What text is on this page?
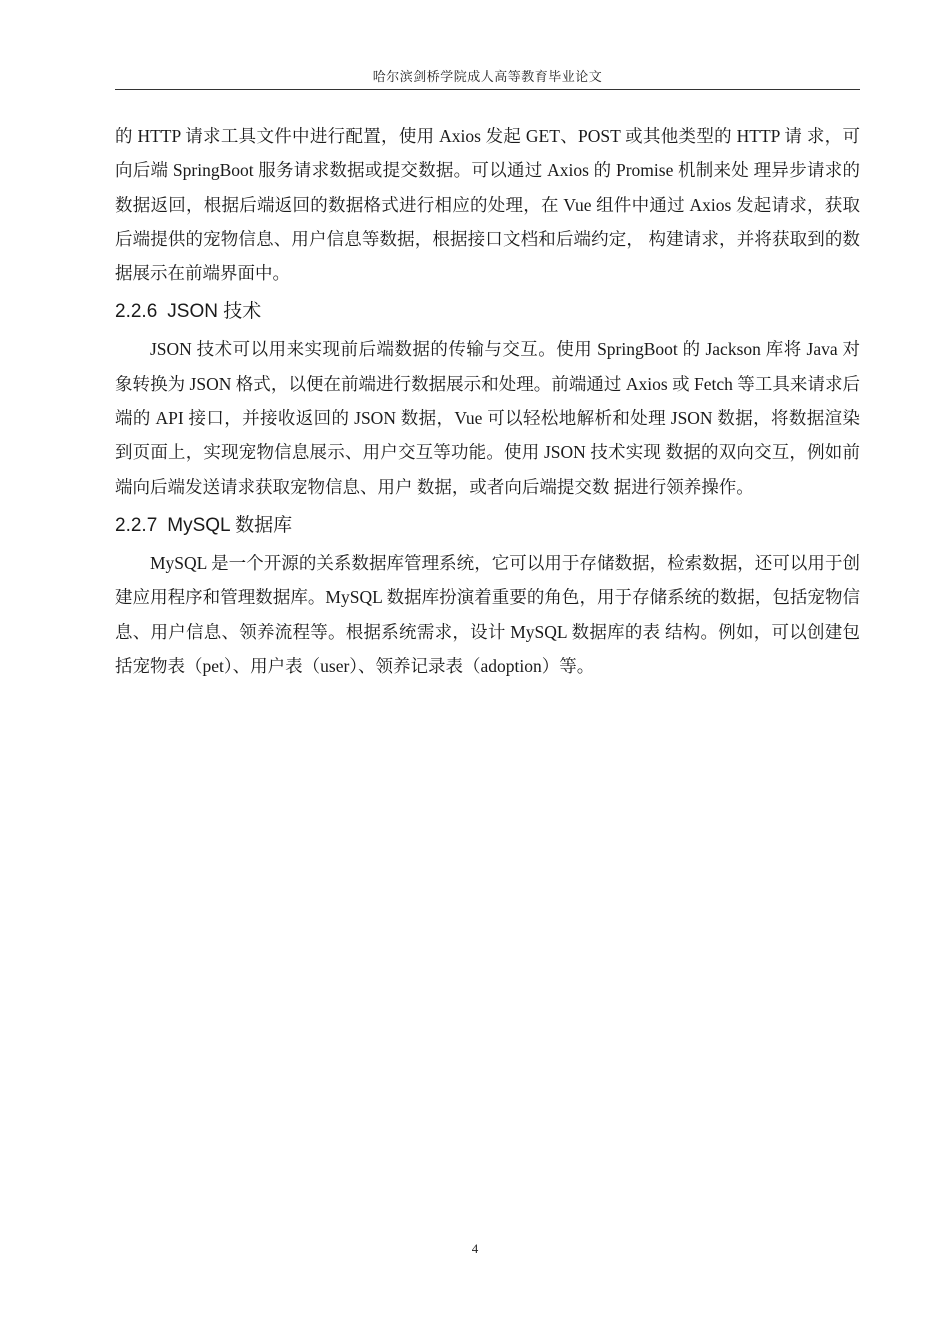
哈尔滨剑桥学院成人高等教育毕业论文

的 HTTP 请求工具文件中进行配置，使用 Axios 发起 GET、POST 或其他类型的 HTTP 请 求，可向后端 SpringBoot 服务请求数据或提交数据。可以通过 Axios 的 Promise 机制来处 理异步请求的数据返回，根据后端返回的数据格式进行相应的处理，在 Vue 组件中通过 Axios 发起请求，获取后端提供的宠物信息、用户信息等数据，根据接口文档和后端约定， 构建请求，并将获取到的数据展示在前端界面中。

2.2.6 JSON 技术

JSON 技术可以用来实现前后端数据的传输与交互。使用 SpringBoot 的 Jackson 库将 Java 对象转换为 JSON 格式，以便在前端进行数据展示和处理。前端通过 Axios 或 Fetch 等工具来请求后端的 API 接口，并接收返回的 JSON 数据，Vue 可以轻松地解析和处理 JSON 数据，将数据渲染到页面上，实现宠物信息展示、用户交互等功能。使用 JSON 技术实现 数据的双向交互，例如前端向后端发送请求获取宠物信息、用户 数据，或者向后端提交数 据进行领养操作。

2.2.7 MySQL 数据库

MySQL 是一个开源的关系数据库管理系统，它可以用于存储数据，检索数据，还可以用于创建应用程序和管理数据库。MySQL 数据库扮演着重要的角色，用于存储系统的数据，包括宠物信息、用户信息、领养流程等。根据系统需求，设计 MySQL 数据库的表 结构。例如，可以创建包括宠物表（pet）、用户表（user）、领养记录表（adoption）等。

4
